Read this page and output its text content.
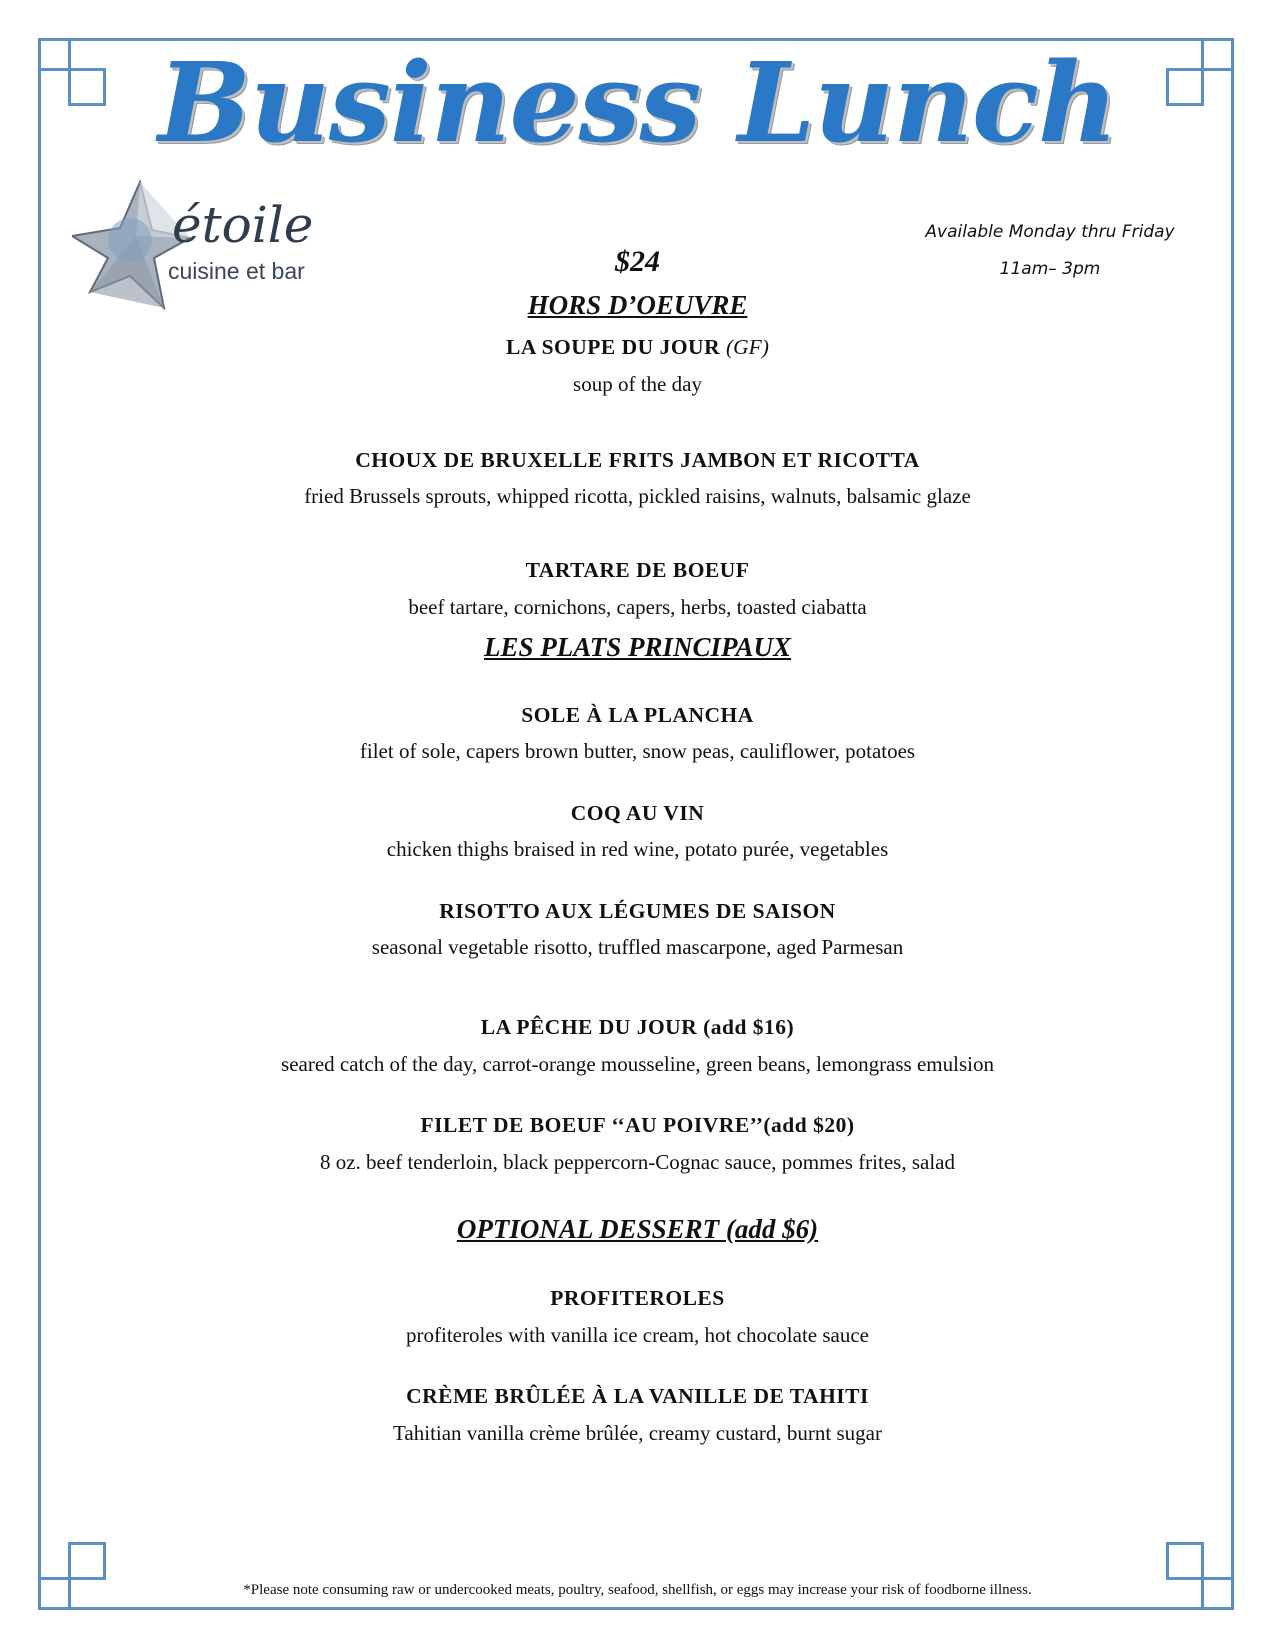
Business Lunch
étoile
cuisine et bar
Available Monday thru Friday
11am– 3pm
$24
HORS D’OEUVRE
LA SOUPE DU JOUR (GF)
soup of the day
CHOUX DE BRUXELLE FRITS JAMBON ET RICOTTA
fried Brussels sprouts, whipped ricotta, pickled raisins, walnuts, balsamic glaze
TARTARE DE BOEUF
beef tartare, cornichons, capers, herbs, toasted ciabatta
LES PLATS PRINCIPAUX
SOLE À LA PLANCHA
filet of sole, capers brown butter, snow peas, cauliflower, potatoes
COQ AU VIN
chicken thighs braised in red wine, potato purée, vegetables
RISOTTO AUX LÉGUMES DE SAISON
seasonal vegetable risotto, truffled mascarpone, aged Parmesan
LA PÊCHE DU JOUR (add $16)
seared catch of the day, carrot-orange mousseline, green beans, lemongrass emulsion
FILET DE BOEUF ‘‘AU POIVRE’’(add $20)
8 oz. beef tenderloin, black peppercorn-Cognac sauce, pommes frites, salad
OPTIONAL DESSERT (add $6)
PROFITEROLES
profiteroles with vanilla ice cream, hot chocolate sauce
CRÈME BRÛLÉE À LA VANILLE DE TAHITI
Tahitian vanilla crème brûlée, creamy custard, burnt sugar
*Please note consuming raw or undercooked meats, poultry, seafood, shellfish, or eggs may increase your risk of foodborne illness.
